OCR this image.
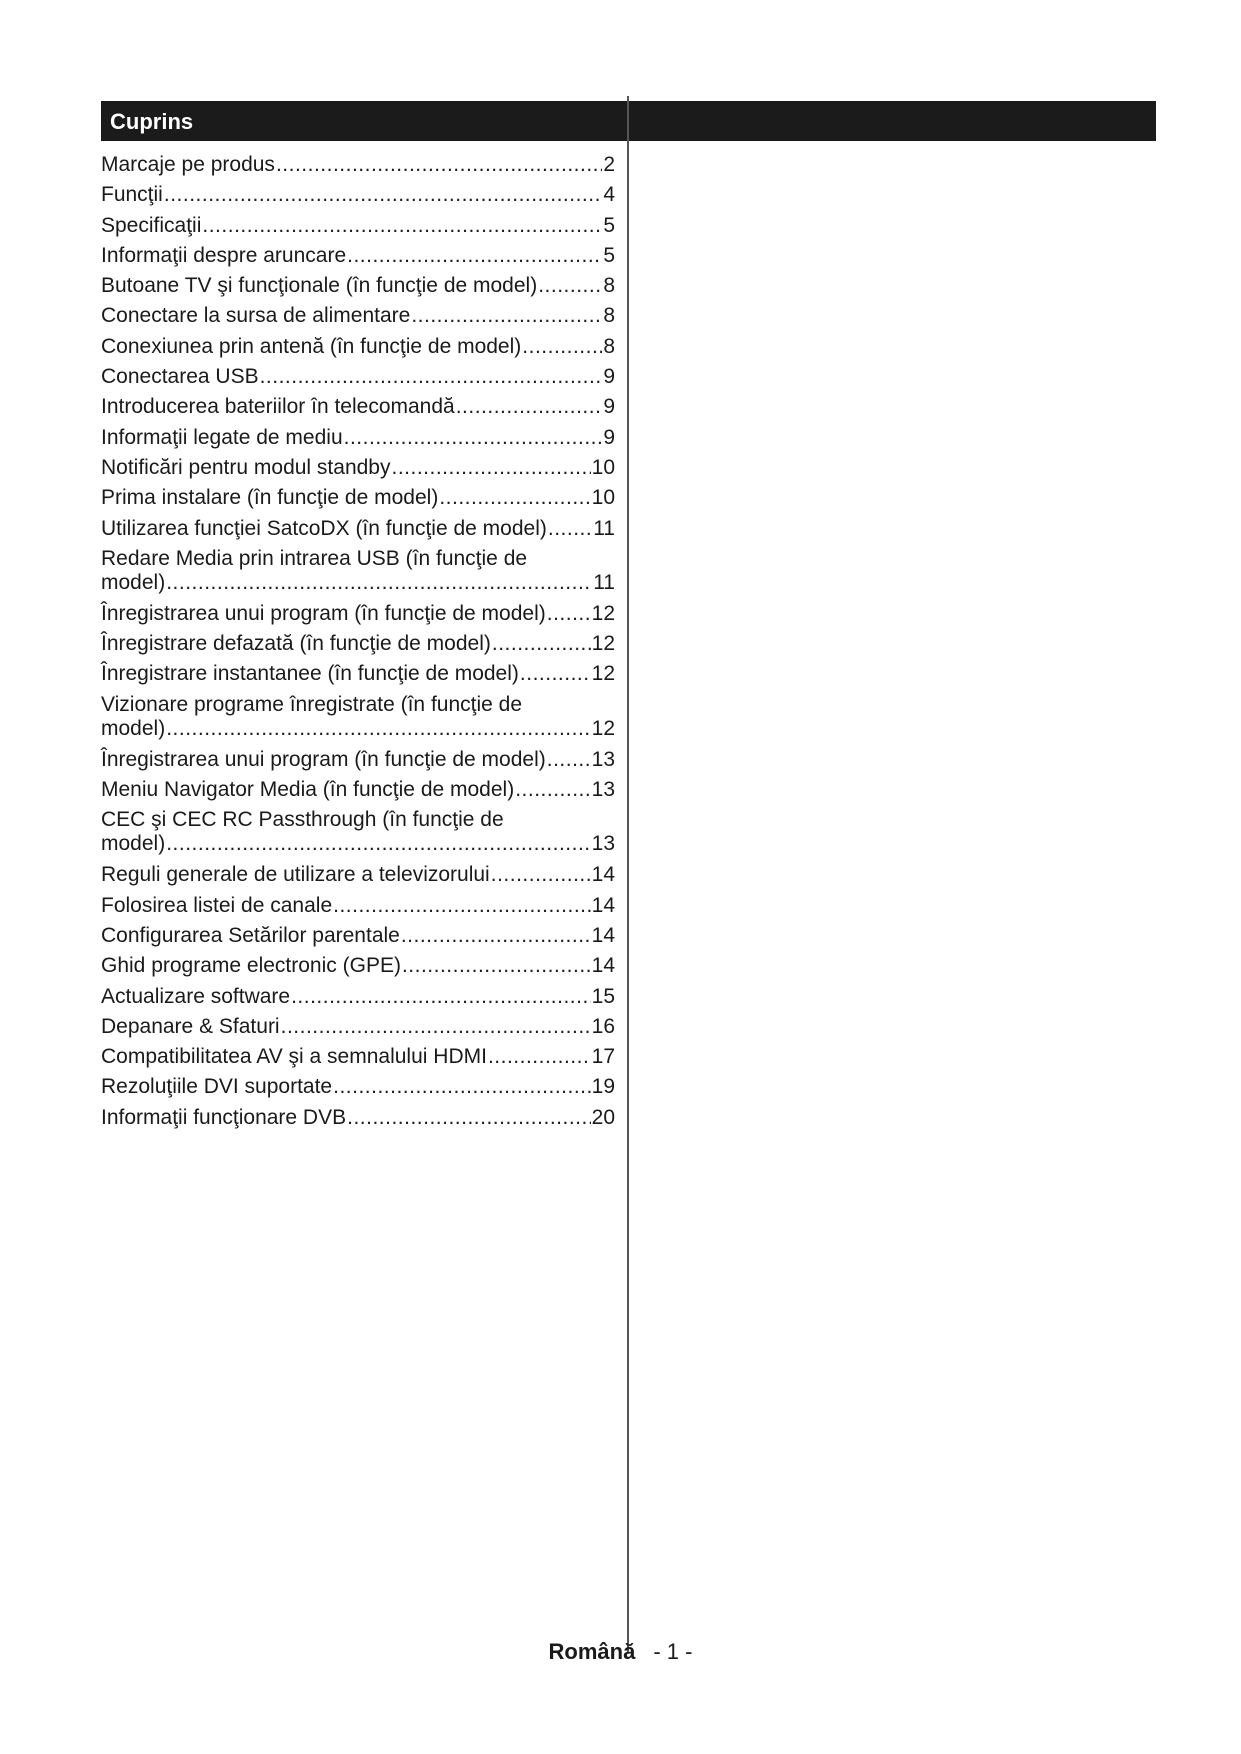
Cuprins
Marcaje pe produs .....	2
Funcţii .....	4
Specificaţii .....	5
Informaţii despre aruncare .....	5
Butoane TV şi funcţionale (în funcţie de model) .....	8
Conectare la sursa de alimentare .....	8
Conexiunea prin antenă (în funcţie de model) .....	8
Conectarea USB .....	9
Introducerea bateriilor în telecomandă .....	9
Informaţii legate de mediu .....	9
Notificări pentru modul standby .....	10
Prima instalare (în funcţie de model) .....	10
Utilizarea funcţiei SatcoDX (în funcţie de model) ..... 11
Redare Media prin intrarea USB (în funcţie de
model) .....	11
Înregistrarea unui program (în funcţie de model) ..... 12
Înregistrare defazată (în funcţie de model) .....	12
Înregistrare instantanee (în funcţie de model) .....	12
Vizionare programe înregistrate (în funcţie de
model) .....	12
Înregistrarea unui program (în funcţie de model) ..... 13
Meniu Navigator Media (în funcţie de model) .....	13
CEC şi CEC RC Passthrough (în funcţie de
model) .....	13
Reguli generale de utilizare a televizorului .....	14
Folosirea listei de canale .....	14
Configurarea Setărilor parentale .....	14
Ghid programe electronic (GPE) .....	14
Actualizare software .....	15
Depanare & Sfaturi .....	16
Compatibilitatea AV şi a semnalului HDMI .....	17
Rezoluţiile DVI suportate .....	19
Informaţii funcţionare DVB .....	20
Română - 1 -
